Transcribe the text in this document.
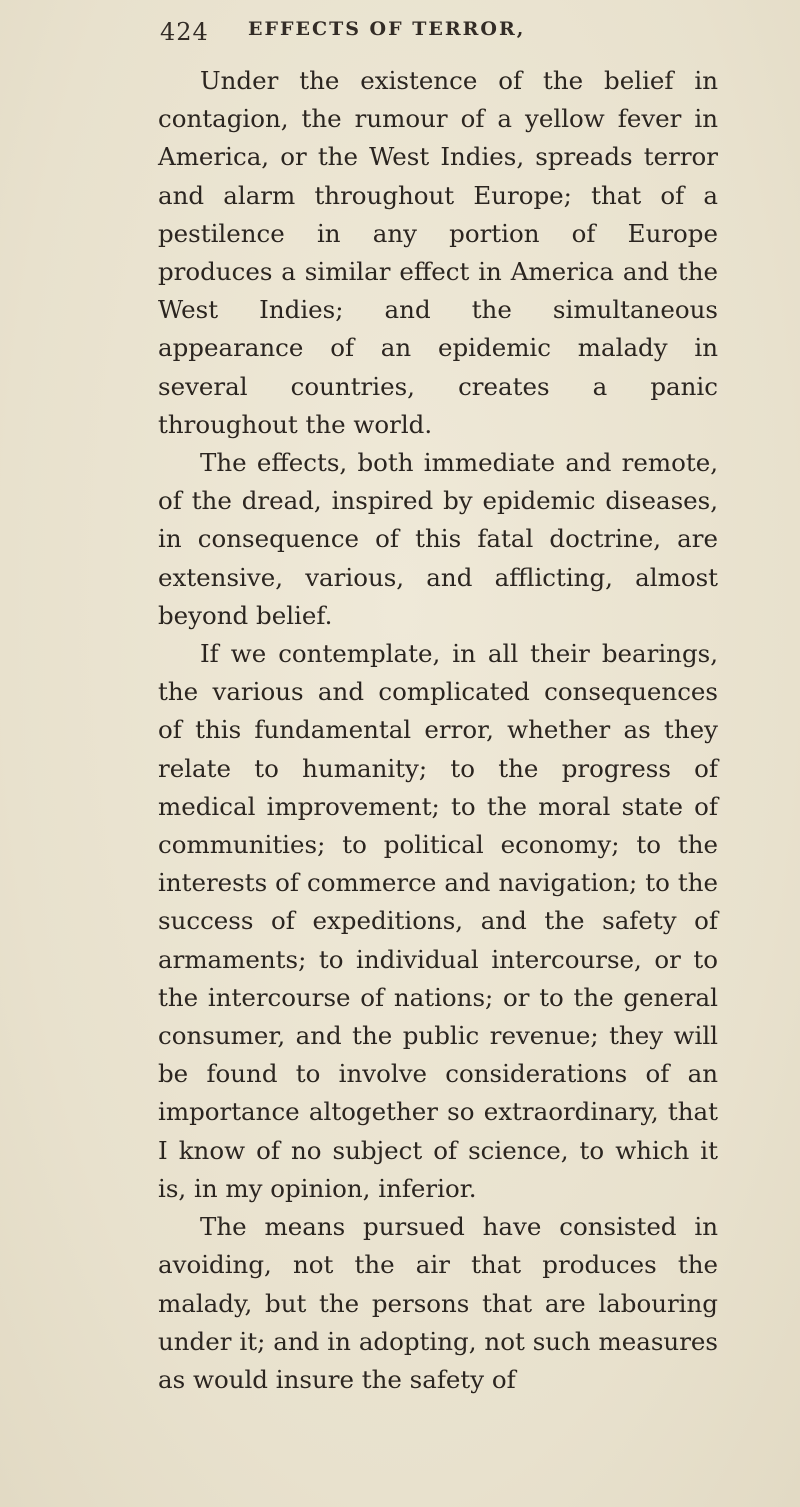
424 EFFECTS OF TERROR,

Under the existence of the belief in contagion, the rumour of a yellow fever in America, or the West Indies, spreads terror and alarm throughout Europe; that of a pestilence in any portion of Europe produces a similar effect in America and the West Indies; and the simultaneous appearance of an epidemic malady in several countries, creates a panic throughout the world.

The effects, both immediate and remote, of the dread, inspired by epidemic diseases, in consequence of this fatal doctrine, are extensive, various, and afflicting, almost beyond belief.

If we contemplate, in all their bearings, the various and complicated consequences of this fundamental error, whether as they relate to humanity; to the progress of medical improvement; to the moral state of communities; to political economy; to the interests of commerce and navigation; to the success of expeditions, and the safety of armaments; to individual intercourse, or to the intercourse of nations; or to the general consumer, and the public revenue; they will be found to involve considerations of an importance altogether so extraordinary, that I know of no subject of science, to which it is, in my opinion, inferior.

The means pursued have consisted in avoiding, not the air that produces the malady, but the persons that are labouring under it; and in adopting, not such measures as would insure the safety of
